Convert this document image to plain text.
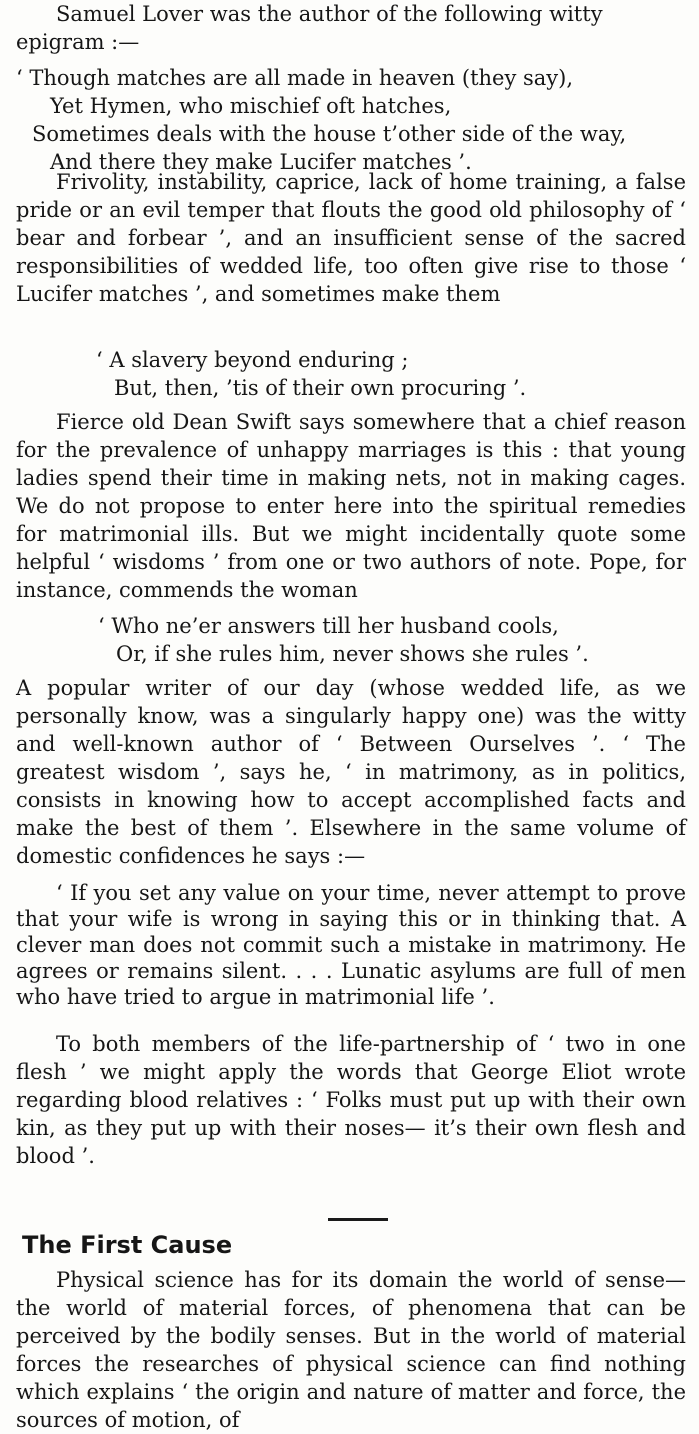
Samuel Lover was the author of the following witty
epigram :—
‘ Though matches are all made in heaven (they say),
Yet Hymen, who mischief oft hatches,
Sometimes deals with the house t’other side of the way,
And there they make Lucifer matches ’.
Frivolity, instability, caprice, lack of home training, a false pride or an evil temper that flouts the good old philosophy of ‘ bear and forbear ’, and an insufficient sense of the sacred responsibilities of wedded life, too often give rise to those ‘ Lucifer matches ’, and sometimes make them
‘ A slavery beyond enduring ;
But, then, ’tis of their own procuring ’.
Fierce old Dean Swift says somewhere that a chief reason for the prevalence of unhappy marriages is this : that young ladies spend their time in making nets, not in making cages. We do not propose to enter here into the spiritual remedies for matrimonial ills. But we might incidentally quote some helpful ‘ wisdoms ’ from one or two authors of note. Pope, for instance, commends the woman
‘ Who ne’er answers till her husband cools,
Or, if she rules him, never shows she rules ’.
A popular writer of our day (whose wedded life, as we personally know, was a singularly happy one) was the witty and well-known author of ‘ Between Ourselves ’. ‘ The greatest wisdom ’, says he, ‘ in matrimony, as in politics, consists in knowing how to accept accomplished facts and make the best of them ’. Elsewhere in the same volume of domestic confidences he says :—
‘ If you set any value on your time, never attempt to prove that your wife is wrong in saying this or in thinking that. A clever man does not commit such a mistake in matrimony. He agrees or remains silent. . . . Lunatic asylums are full of men who have tried to argue in matrimonial life ’.
To both members of the life-partnership of ‘ two in one flesh ’ we might apply the words that George Eliot wrote regarding blood relatives : ‘ Folks must put up with their own kin, as they put up with their noses— it’s their own flesh and blood ’.
The First Cause
Physical science has for its domain the world of sense—the world of material forces, of phenomena that can be perceived by the bodily senses. But in the world of material forces the researches of physical science can find nothing which explains ‘ the origin and nature of matter and force, the sources of motion, of
